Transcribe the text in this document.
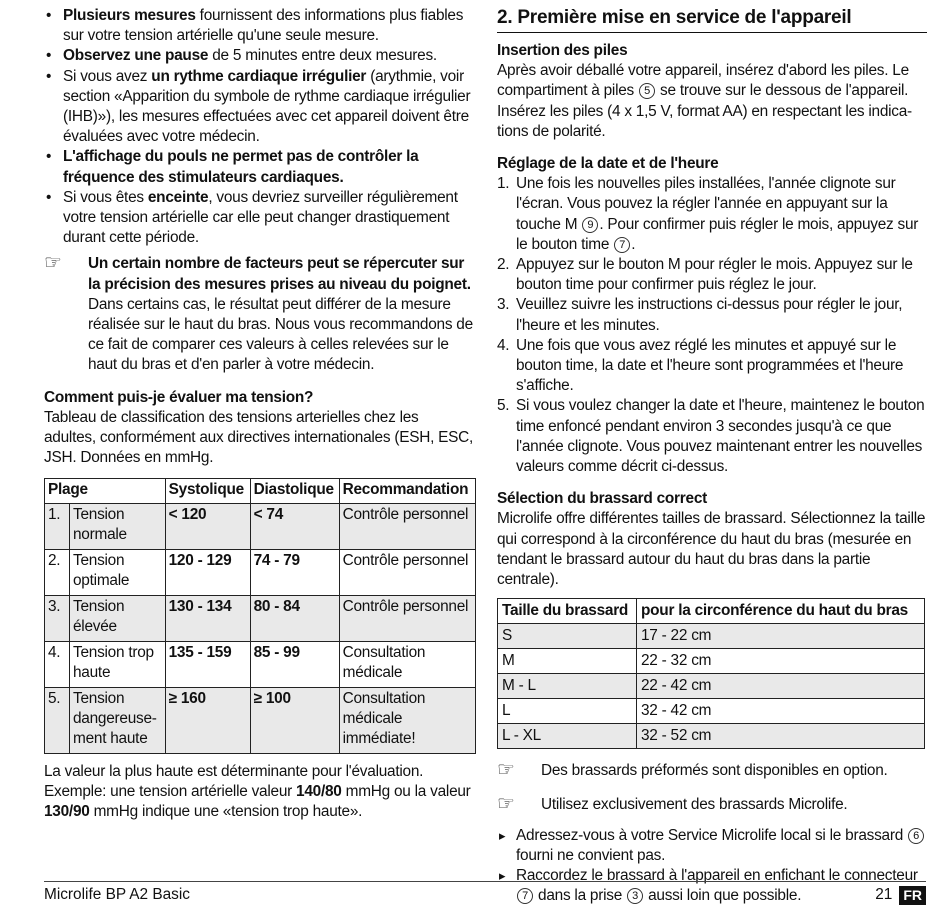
• Plusieurs mesures fournissent des informations plus fiables sur votre tension artérielle qu'une seule mesure.
• Observez une pause de 5 minutes entre deux mesures.
• Si vous avez un rythme cardiaque irrégulier (arythmie, voir section «Apparition du symbole de rythme cardiaque irrégulier (IHB)»), les mesures effectuées avec cet appareil doivent être évaluées avec votre médecin.
• L'affichage du pouls ne permet pas de contrôler la fréquence des stimulateurs cardiaques.
• Si vous êtes enceinte, vous devriez surveiller régulièrement votre tension artérielle car elle peut changer drastiquement durant cette période.
☞	Un certain nombre de facteurs peut se répercuter sur la précision des mesures prises au niveau du poignet. Dans certains cas, le résultat peut différer de la mesure réalisée sur le haut du bras. Nous vous recommandons de ce fait de comparer ces valeurs à celles relevées sur le haut du bras et d'en parler à votre médecin.
Comment puis-je évaluer ma tension?
Tableau de classification des tensions arterielles chez les adultes, conformément aux directives internationales (ESH, ESC, JSH. Données en mmHg.
Plage		Systolique	Diastolique	Recommandation
1.	Tension normale	< 120	< 74	Contrôle personnel
2.	Tension optimale	120 - 129	74 - 79	Contrôle personnel
3.	Tension élevée	130 - 134	80 - 84	Contrôle personnel
4.	Tension trop haute	135 - 159	85 - 99	Consultation médicale
5.	Tension dangereuse-ment haute	≥ 160	≥ 100	Consultation médicale immédiate!
La valeur la plus haute est déterminante pour l'évaluation.
Exemple: une tension artérielle valeur 140/80 mmHg ou la valeur 130/90 mmHg indique une «tension trop haute».
2. Première mise en service de l'appareil
Insertion des piles
Après avoir déballé votre appareil, insérez d'abord les piles. Le compartiment à piles 5 se trouve sur le dessous de l'appareil. Insérez les piles (4 x 1,5 V, format AA) en respectant les indica-tions de polarité.
Réglage de la date et de l'heure
1. Une fois les nouvelles piles installées, l'année clignote sur l'écran. Vous pouvez la régler l'année en appuyant sur la touche M 9 . Pour confirmer puis régler le mois, appuyez sur le bouton time 7 .
2. Appuyez sur le bouton M pour régler le mois. Appuyez sur le bouton time pour confirmer puis réglez le jour.
3. Veuillez suivre les instructions ci-dessus pour régler le jour, l'heure et les minutes.
4. Une fois que vous avez réglé les minutes et appuyé sur le bouton time, la date et l'heure sont programmées et l'heure s'affiche.
5. Si vous voulez changer la date et l'heure, maintenez le bouton time enfoncé pendant environ 3 secondes jusqu'à ce que l'année clignote. Vous pouvez maintenant entrer les nouvelles valeurs comme décrit ci-dessus.
Sélection du brassard correct
Microlife offre différentes tailles de brassard. Sélectionnez la taille qui correspond à la circonférence du haut du bras (mesurée en tendant le brassard autour du haut du bras dans la partie centrale).
Taille du brassard	pour la circonférence du haut du bras
S	17 - 22 cm
M	22 - 32 cm
M - L	22 - 42 cm
L	32 - 42 cm
L - XL	32 - 52 cm
☞	Des brassards préformés sont disponibles en option.
☞	Utilisez exclusivement des brassards Microlife.
▸ Adressez-vous à votre Service Microlife local si le brassard 6 fourni ne convient pas.
▸ Raccordez le brassard à l'appareil en enfichant le connecteur 7 dans la prise 3 aussi loin que possible.
Microlife BP A2 Basic	21 FR
